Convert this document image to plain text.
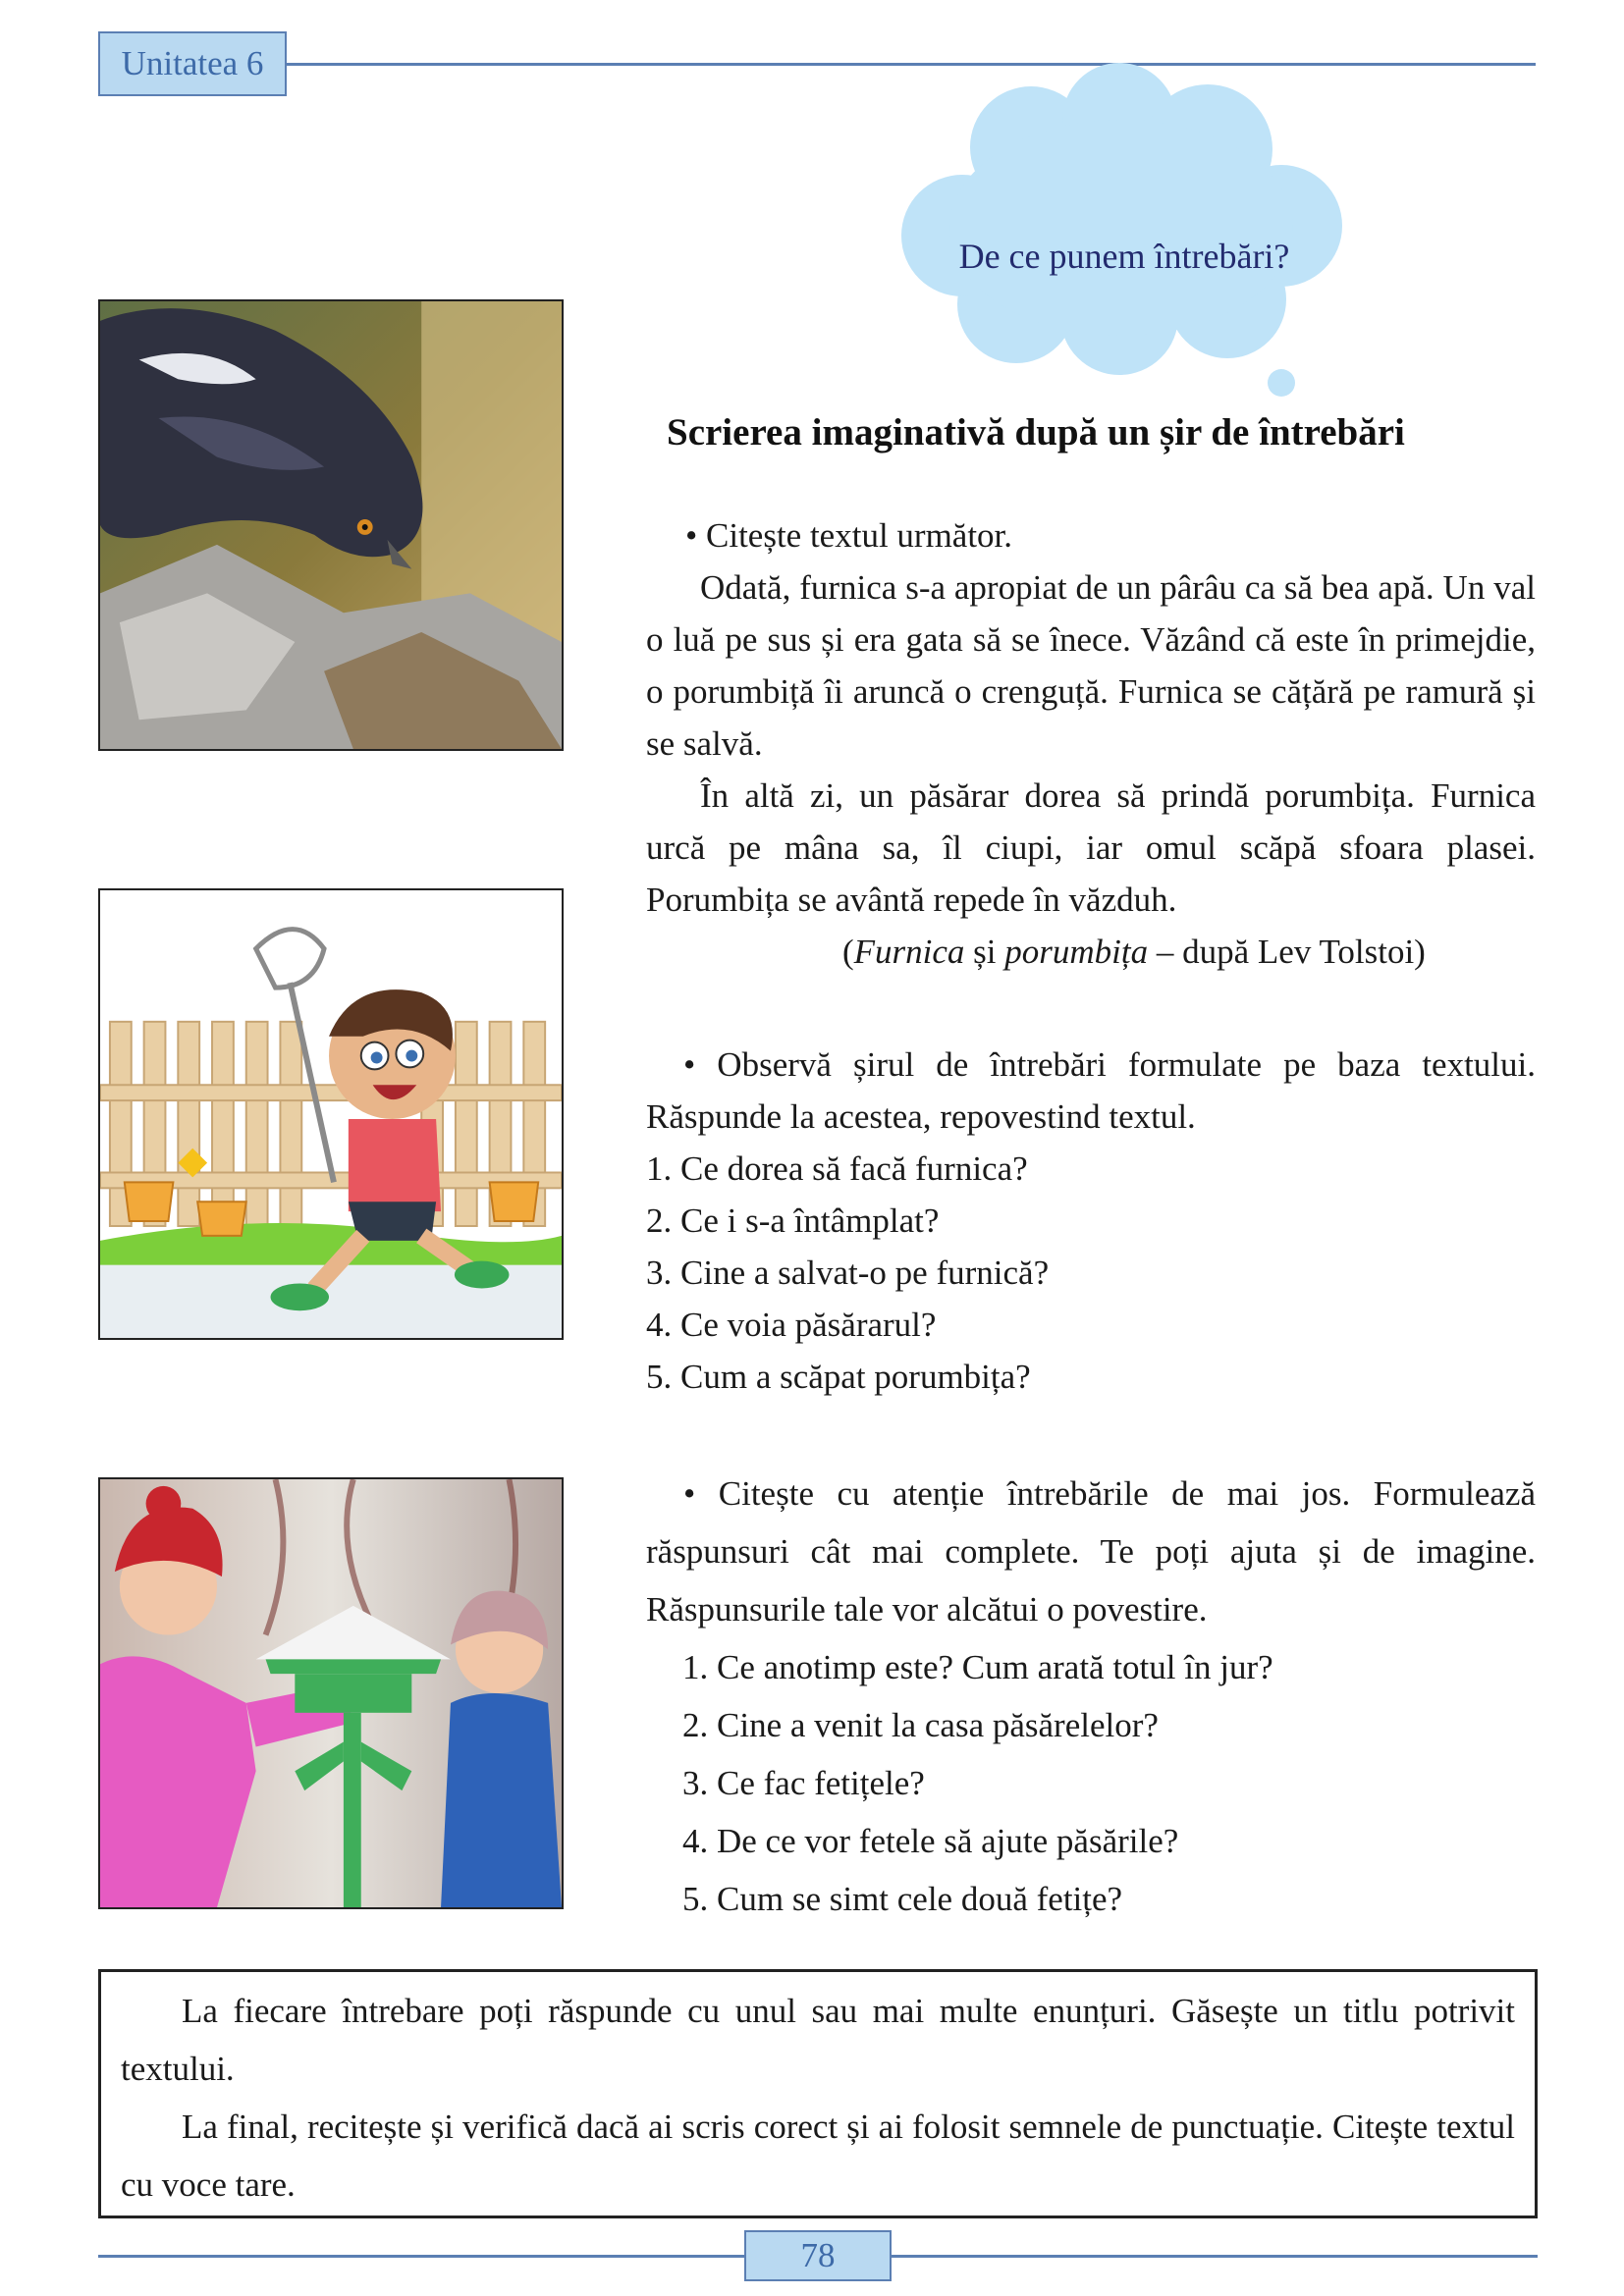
Unitatea 6
De ce punem întrebări?
Scrierea imaginativă după un șir de întrebări
• Citește textul următor.
Odată, furnica s-a apropiat de un pârâu ca să bea apă. Un val o luă pe sus și era gata să se înece. Văzând că este în primejdie, o porumbiță îi aruncă o crenguță. Furnica se cățără pe ramură și se salvă.
În altă zi, un păsărar dorea să prindă porumbița. Furnica urcă pe mâna sa, îl ciupi, iar omul scăpă sfoara plasei. Porumbița se avântă repede în văzduh.
(Furnica și porumbița – după Lev Tolstoi)
• Observă șirul de întrebări formulate pe baza textului. Răspunde la acestea, repovestind textul.
1. Ce dorea să facă furnica?
2. Ce i s-a întâmplat?
3. Cine a salvat-o pe furnică?
4. Ce voia păsărarul?
5. Cum a scăpat porumbița?
• Citește cu atenție întrebările de mai jos. Formulează răspunsuri cât mai complete. Te poți ajuta și de imagine. Răspunsurile tale vor alcătui o povestire.
1. Ce anotimp este? Cum arată totul în jur?
2. Cine a venit la casa păsărelelor?
3. Ce fac fetițele?
4. De ce vor fetele să ajute păsările?
5. Cum se simt cele două fetițe?

La fiecare întrebare poți răspunde cu unul sau mai multe enunțuri. Găsește un titlu potrivit textului.

La final, recitește și verifică dacă ai scris corect și ai folosit semnele de punctuație. Citește textul cu voce tare.

78
